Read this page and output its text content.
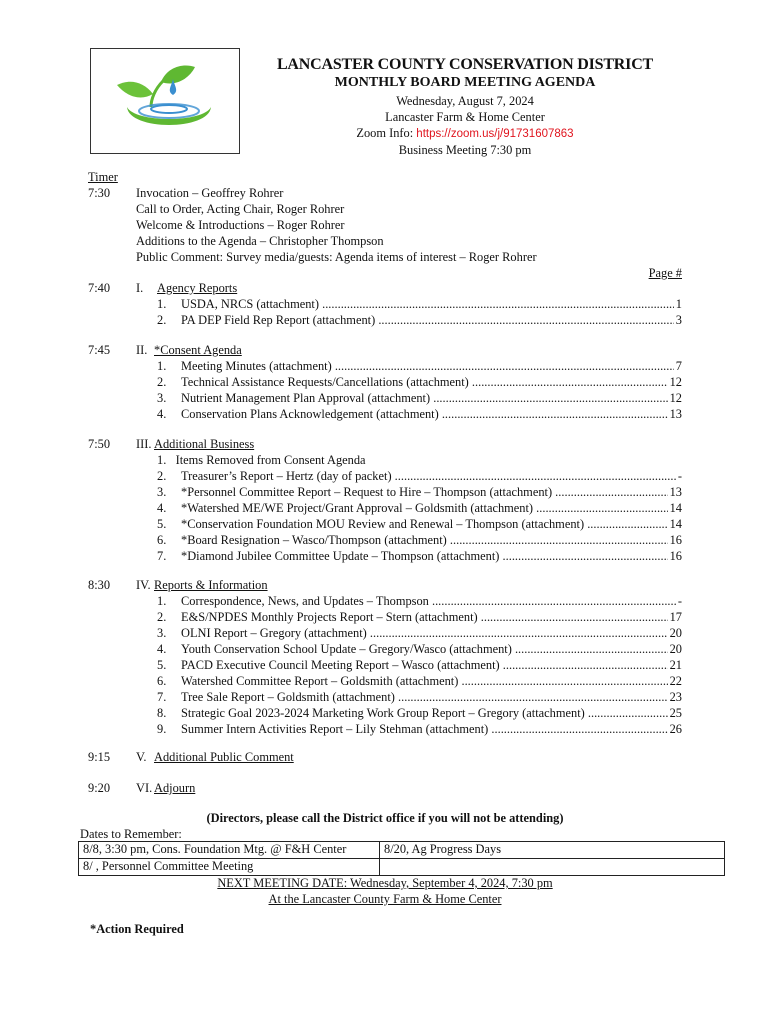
LANCASTER COUNTY CONSERVATION DISTRICT
MONTHLY BOARD MEETING AGENDA
Wednesday, August 7, 2024
Lancaster Farm & Home Center
Zoom Info: https://zoom.us/j/91731607863
Business Meeting 7:30 pm
Timer
7:30 Invocation – Geoffrey Rohrer
Call to Order, Acting Chair, Roger Rohrer
Welcome & Introductions – Roger Rohrer
Additions to the Agenda – Christopher Thompson
Public Comment: Survey media/guests: Agenda items of interest – Roger Rohrer
Page #
7:40 I. Agency Reports
1. USDA, NRCS (attachment) .....	1
2. PA DEP Field Rep Report (attachment) .....	3
7:45 II. *Consent Agenda
1. Meeting Minutes (attachment) .....	7
2. Technical Assistance Requests/Cancellations (attachment) .....	12
3. Nutrient Management Plan Approval (attachment) .....	12
4. Conservation Plans Acknowledgement (attachment) .....	13
7:50 III. Additional Business
1. Items Removed from Consent Agenda
2. Treasurer’s Report – Hertz (day of packet) .....	-
3. *Personnel Committee Report – Request to Hire – Thompson (attachment) .....	13
4. *Watershed ME/WE Project/Grant Approval – Goldsmith (attachment) .....	14
5. *Conservation Foundation MOU Review and Renewal – Thompson (attachment) .....	14
6. *Board Resignation – Wasco/Thompson (attachment) .....	16
7. *Diamond Jubilee Committee Update – Thompson (attachment) .....	16
8:30 IV. Reports & Information
1. Correspondence, News, and Updates – Thompson .....	-
2. E&S/NPDES Monthly Projects Report – Stern (attachment) .....	17
3. OLNI Report – Gregory (attachment) .....	20
4. Youth Conservation School Update – Gregory/Wasco (attachment) .....	20
5. PACD Executive Council Meeting Report – Wasco (attachment) .....	21
6. Watershed Committee Report – Goldsmith (attachment) .....	22
7. Tree Sale Report – Goldsmith (attachment) .....	23
8. Strategic Goal 2023-2024 Marketing Work Group Report – Gregory (attachment) .....	25
9. Summer Intern Activities Report – Lily Stehman (attachment) .....	26
9:15 V. Additional Public Comment
9:20 VI. Adjourn
(Directors, please call the District office if you will not be attending)
Dates to Remember:
8/8, 3:30 pm, Cons. Foundation Mtg. @ F&H Center	8/20, Ag Progress Days
8/ , Personnel Committee Meeting	
NEXT MEETING DATE: Wednesday, September 4, 2024, 7:30 pm
At the Lancaster County Farm & Home Center
*Action Required
